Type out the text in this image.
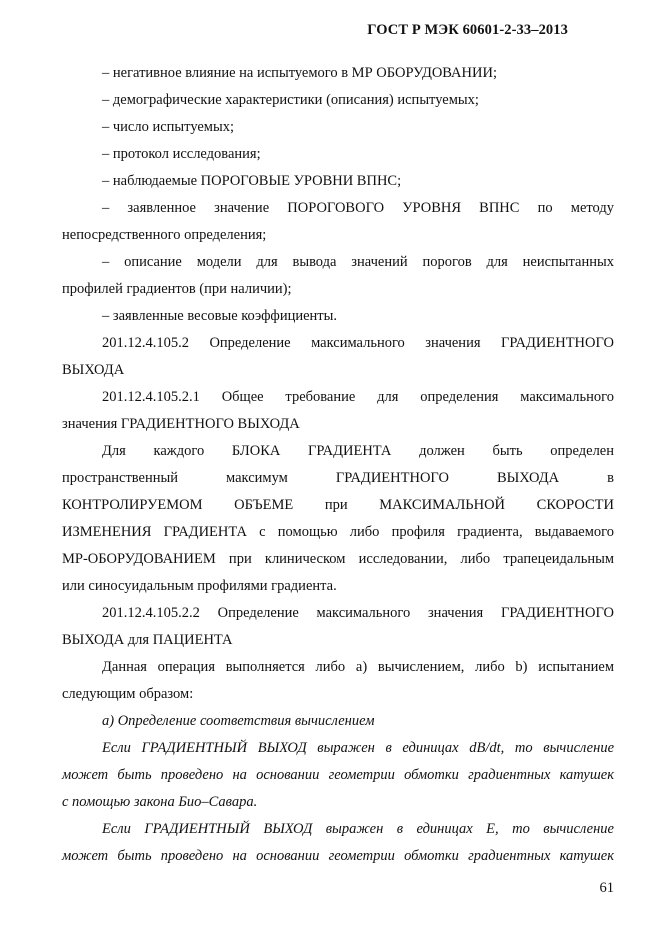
ГОСТ Р МЭК 60601-2-33–2013
– негативное влияние на испытуемого в МР ОБОРУДОВАНИИ;
– демографические характеристики (описания) испытуемых;
– число испытуемых;
– протокол исследования;
– наблюдаемые ПОРОГОВЫЕ УРОВНИ ВПНС;
– заявленное значение ПОРОГОВОГО УРОВНЯ ВПНС по методу
непосредственного определения;
– описание модели для вывода значений порогов для неиспытанных
профилей градиентов (при наличии);
– заявленные весовые коэффициенты.
201.12.4.105.2 Определение максимального значения ГРАДИЕНТНОГО
ВЫХОДА
201.12.4.105.2.1 Общее требование для определения максимального
значения ГРАДИЕНТНОГО ВЫХОДА
Для каждого БЛОКА ГРАДИЕНТА должен быть определен
пространственный максимум ГРАДИЕНТНОГО ВЫХОДА в
КОНТРОЛИРУЕМОМ ОБЪЕМЕ при МАКСИМАЛЬНОЙ СКОРОСТИ
ИЗМЕНЕНИЯ ГРАДИЕНТА с помощью либо профиля градиента, выдаваемого
МР-ОБОРУДОВАНИЕМ при клиническом исследовании, либо трапецеидальным
или синосуидальным профилями градиента.
201.12.4.105.2.2 Определение максимального значения ГРАДИЕНТНОГО
ВЫХОДА для ПАЦИЕНТА
Данная операция выполняется либо a) вычислением, либо b) испытанием
следующим образом:
a) Определение соответствия вычислением
Если ГРАДИЕНТНЫЙ ВЫХОД выражен в единицах dB/dt, то вычисление
может быть проведено на основании геометрии обмотки градиентных катушек
с помощью закона Био–Савара.
Если ГРАДИЕНТНЫЙ ВЫХОД выражен в единицах E, то вычисление
может быть проведено на основании геометрии обмотки градиентных катушек
61
